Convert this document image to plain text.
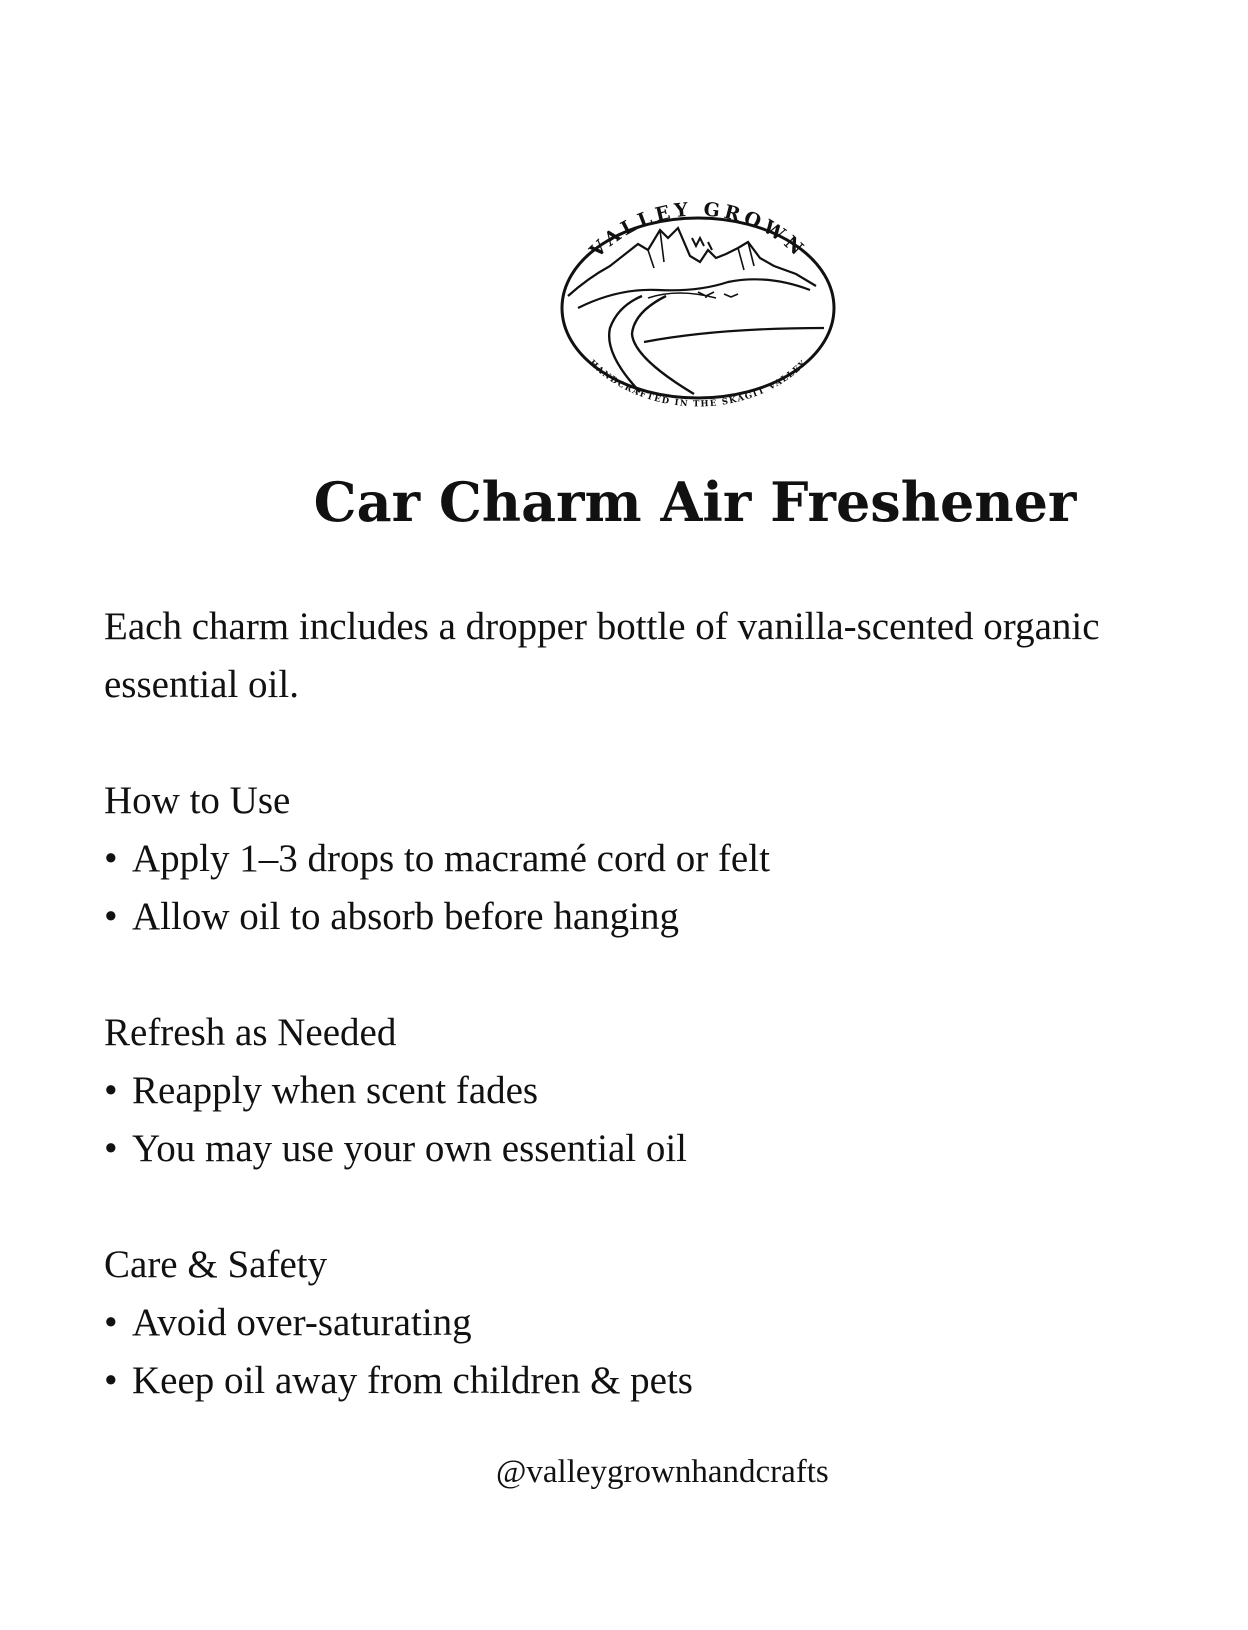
VALLEY GROWN
HANDCRAFTED IN THE SKAGIT VALLEY
Car Charm Air Freshener

Each charm includes a dropper bottle of vanilla-scented organic essential oil.

How to Use

• Apply 1–3 drops to macramé cord or felt
• Allow oil to absorb before hanging

Refresh as Needed

• Reapply when scent fades
• You may use your own essential oil

Care & Safety

• Avoid over-saturating
• Keep oil away from children & pets
@valleygrownhandcrafts
